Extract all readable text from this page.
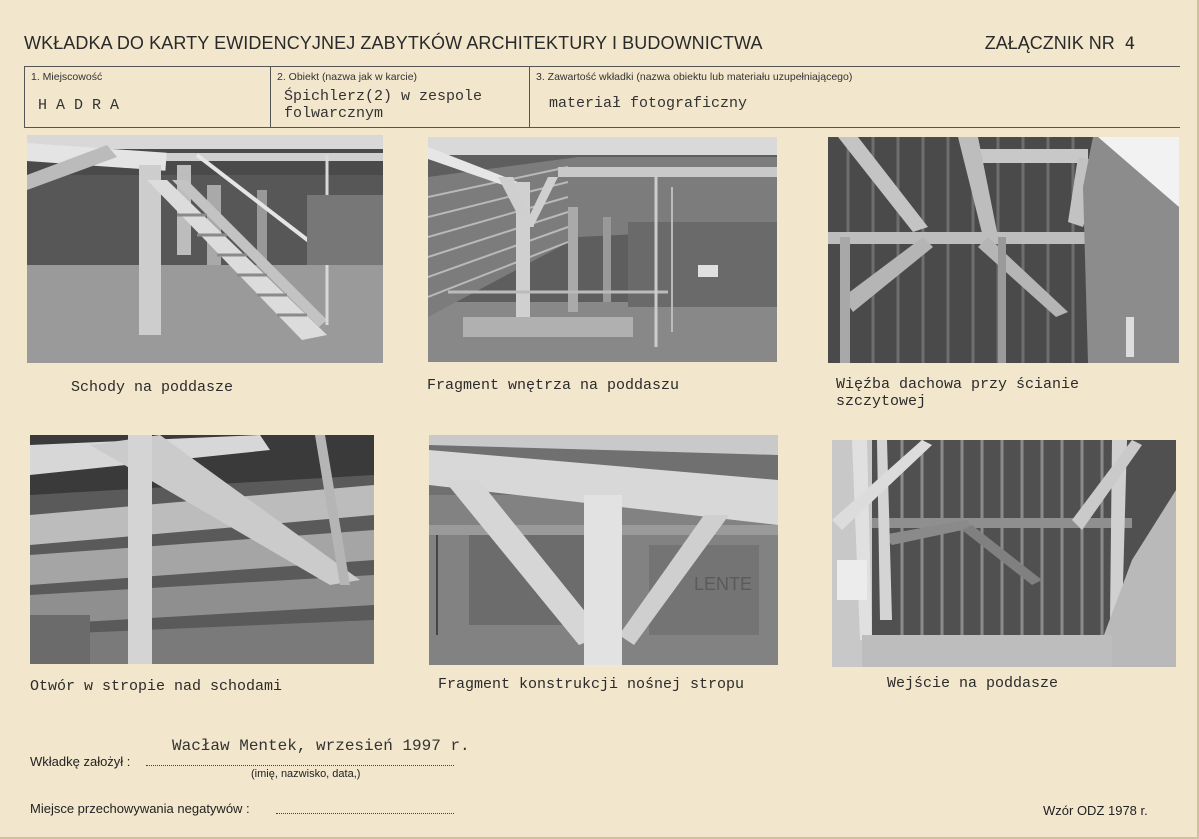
WKŁADKA DO KARTY EWIDENCYJNEJ ZABYTKÓW ARCHITEKTURY I BUDOWNICTWA	ZAŁĄCZNIK NR 4
1. Miejscowość
HADRA
2. Obiekt (nazwa jak w karcie)
Śpichlerz(2) w zespole
folwarcznym
3. Zawartość wkładki (nazwa obiektu lub materiału uzupełniającego)
materiał fotograficzny
LENTE
Schody na poddasze	Fragment wnętrza na poddaszu	Więźba dachowa przy ścianie
szczytowej
Otwór w stropie nad schodami	Fragment konstrukcji nośnej stropu	Wejście na poddasze
Wacław Mentek, wrzesień 1997 r.
Wkładkę założył :
(imię, nazwisko, data,)
Miejsce przechowywania negatywów :	Wzór ODZ 1978 r.
